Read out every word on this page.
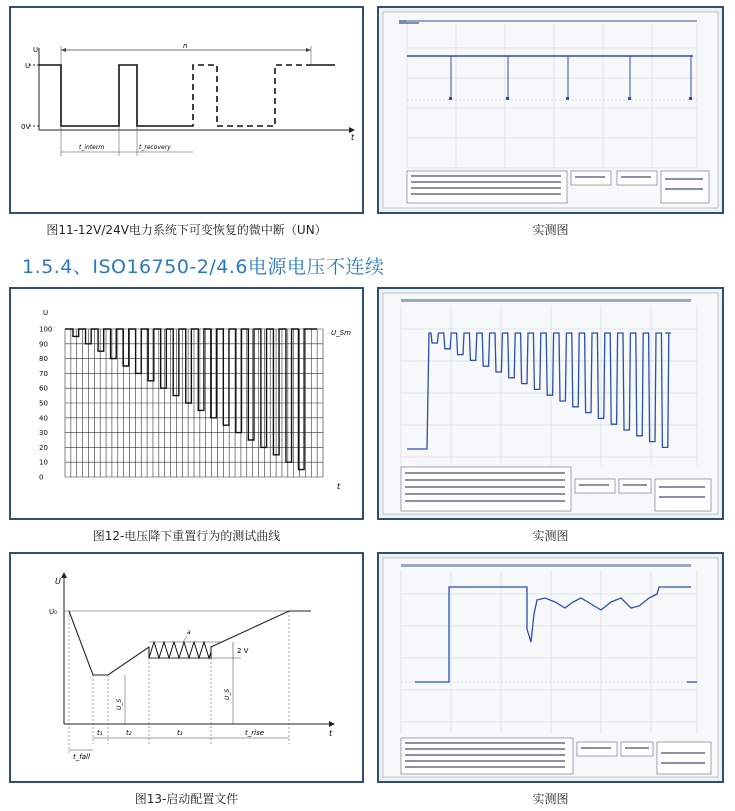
U
t
U
0V
n
t_interm	t_recovery
图11-12V/24V电力系统下可变恢复的微中断（UN）	实测图
1.5.4、ISO16750-2/4.6电源电压不连续
U
U_Sm
t
100
90
80
70
60
50
40
30
20
10
0
图12-电压降下重置行为的测试曲线	实测图
U
U₀
t
a
2 V
U_S
U_S
t₁	t₂	t₃	t_rise
t_fall
图13-启动配置文件	实测图
